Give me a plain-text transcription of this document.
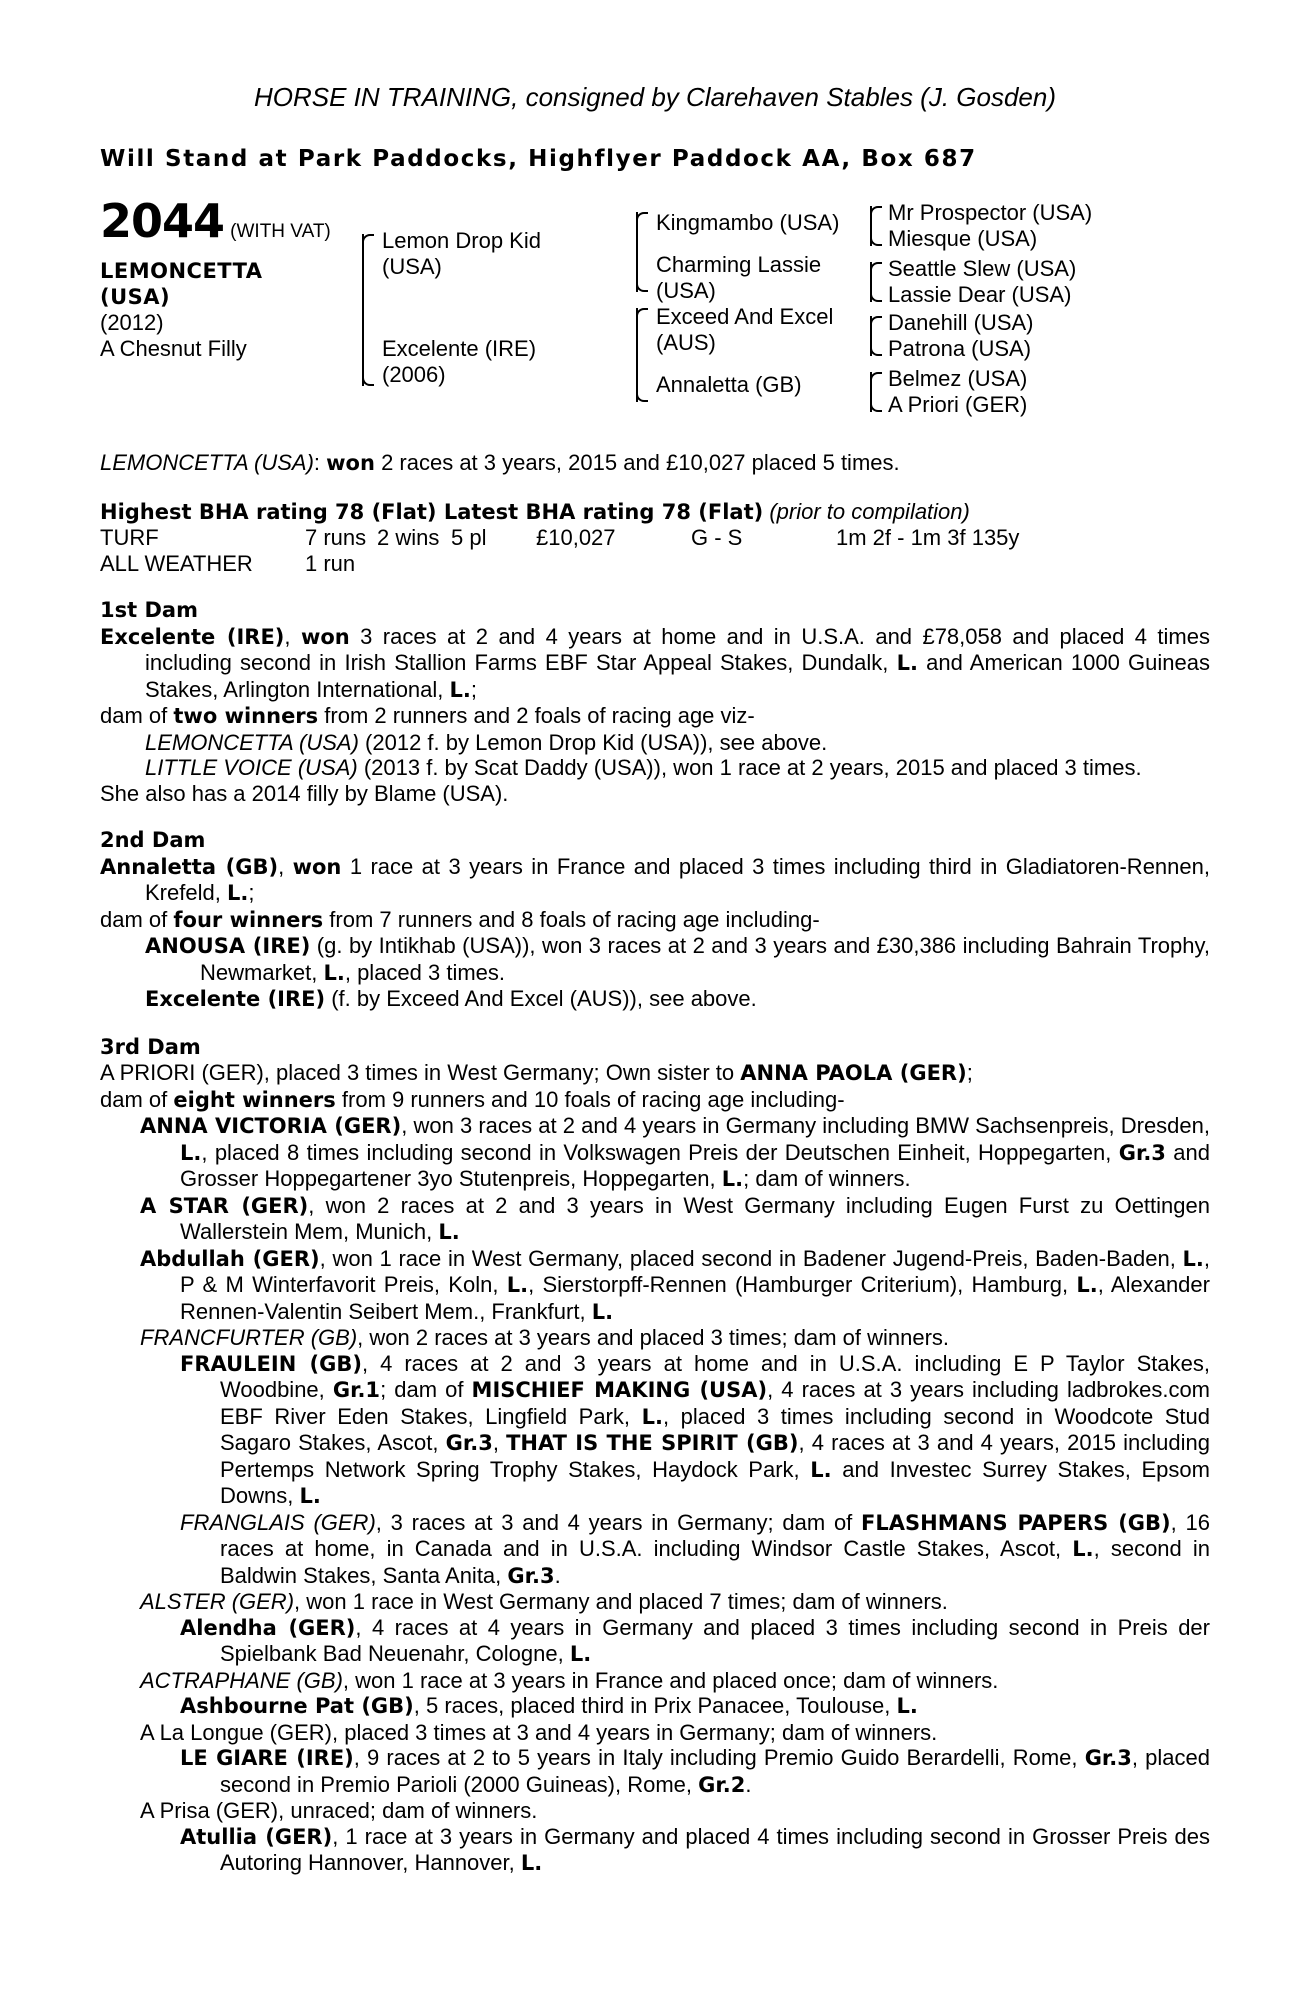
HORSE IN TRAINING, consigned by Clarehaven Stables (J. Gosden)
Will Stand at Park Paddocks, Highflyer Paddock AA, Box 687
2044 (WITH VAT)
LEMONCETTA
(USA)
(2012)
A Chesnut Filly
Lemon Drop Kid
(USA)
Excelente (IRE)
(2006)
Kingmambo (USA)
Charming Lassie
(USA)
Exceed And Excel
(AUS)
Annaletta (GB)
Mr Prospector (USA)
Miesque (USA)
Seattle Slew (USA)
Lassie Dear (USA)
Danehill (USA)
Patrona (USA)
Belmez (USA)
A Priori (GER)

LEMONCETTA (USA): won 2 races at 3 years, 2015 and £10,027 placed 5 times.

Highest BHA rating 78 (Flat) Latest BHA rating 78 (Flat) (prior to compilation)

TURF	7 runs	2 wins	5 pl	£10,027	G - S	1m 2f - 1m 3f 135y
ALL WEATHER	1 run					

1st Dam

Excelente (IRE), won 3 races at 2 and 4 years at home and in U.S.A. and £78,058 and placed 4 times including second in Irish Stallion Farms EBF Star Appeal Stakes, Dundalk, L. and American 1000 Guineas Stakes, Arlington International, L.;

dam of two winners from 2 runners and 2 foals of racing age viz-

LEMONCETTA (USA) (2012 f. by Lemon Drop Kid (USA)), see above.

LITTLE VOICE (USA) (2013 f. by Scat Daddy (USA)), won 1 race at 2 years, 2015 and placed 3 times.

She also has a 2014 filly by Blame (USA).

2nd Dam

Annaletta (GB), won 1 race at 3 years in France and placed 3 times including third in Gladiatoren-Rennen, Krefeld, L.;

dam of four winners from 7 runners and 8 foals of racing age including-

ANOUSA (IRE) (g. by Intikhab (USA)), won 3 races at 2 and 3 years and £30,386 including Bahrain Trophy, Newmarket, L., placed 3 times.

Excelente (IRE) (f. by Exceed And Excel (AUS)), see above.

3rd Dam

A PRIORI (GER), placed 3 times in West Germany; Own sister to ANNA PAOLA (GER);

dam of eight winners from 9 runners and 10 foals of racing age including-

ANNA VICTORIA (GER), won 3 races at 2 and 4 years in Germany including BMW Sachsenpreis, Dresden, L., placed 8 times including second in Volkswagen Preis der Deutschen Einheit, Hoppegarten, Gr.3 and Grosser Hoppegartener 3yo Stutenpreis, Hoppegarten, L.; dam of winners.

A STAR (GER), won 2 races at 2 and 3 years in West Germany including Eugen Furst zu Oettingen Wallerstein Mem, Munich, L.

Abdullah (GER), won 1 race in West Germany, placed second in Badener Jugend-Preis, Baden-Baden, L., P & M Winterfavorit Preis, Koln, L., Sierstorpff-Rennen (Hamburger Criterium), Hamburg, L., Alexander Rennen-Valentin Seibert Mem., Frankfurt, L.

FRANCFURTER (GB), won 2 races at 3 years and placed 3 times; dam of winners.

FRAULEIN (GB), 4 races at 2 and 3 years at home and in U.S.A. including E P Taylor Stakes, Woodbine, Gr.1; dam of MISCHIEF MAKING (USA), 4 races at 3 years including ladbrokes.com EBF River Eden Stakes, Lingfield Park, L., placed 3 times including second in Woodcote Stud Sagaro Stakes, Ascot, Gr.3, THAT IS THE SPIRIT (GB), 4 races at 3 and 4 years, 2015 including Pertemps Network Spring Trophy Stakes, Haydock Park, L. and Investec Surrey Stakes, Epsom Downs, L.

FRANGLAIS (GER), 3 races at 3 and 4 years in Germany; dam of FLASHMANS PAPERS (GB), 16 races at home, in Canada and in U.S.A. including Windsor Castle Stakes, Ascot, L., second in Baldwin Stakes, Santa Anita, Gr.3.

ALSTER (GER), won 1 race in West Germany and placed 7 times; dam of winners.

Alendha (GER), 4 races at 4 years in Germany and placed 3 times including second in Preis der Spielbank Bad Neuenahr, Cologne, L.

ACTRAPHANE (GB), won 1 race at 3 years in France and placed once; dam of winners.

Ashbourne Pat (GB), 5 races, placed third in Prix Panacee, Toulouse, L.

A La Longue (GER), placed 3 times at 3 and 4 years in Germany; dam of winners.

LE GIARE (IRE), 9 races at 2 to 5 years in Italy including Premio Guido Berardelli, Rome, Gr.3, placed second in Premio Parioli (2000 Guineas), Rome, Gr.2.

A Prisa (GER), unraced; dam of winners.

Atullia (GER), 1 race at 3 years in Germany and placed 4 times including second in Grosser Preis des Autoring Hannover, Hannover, L.
